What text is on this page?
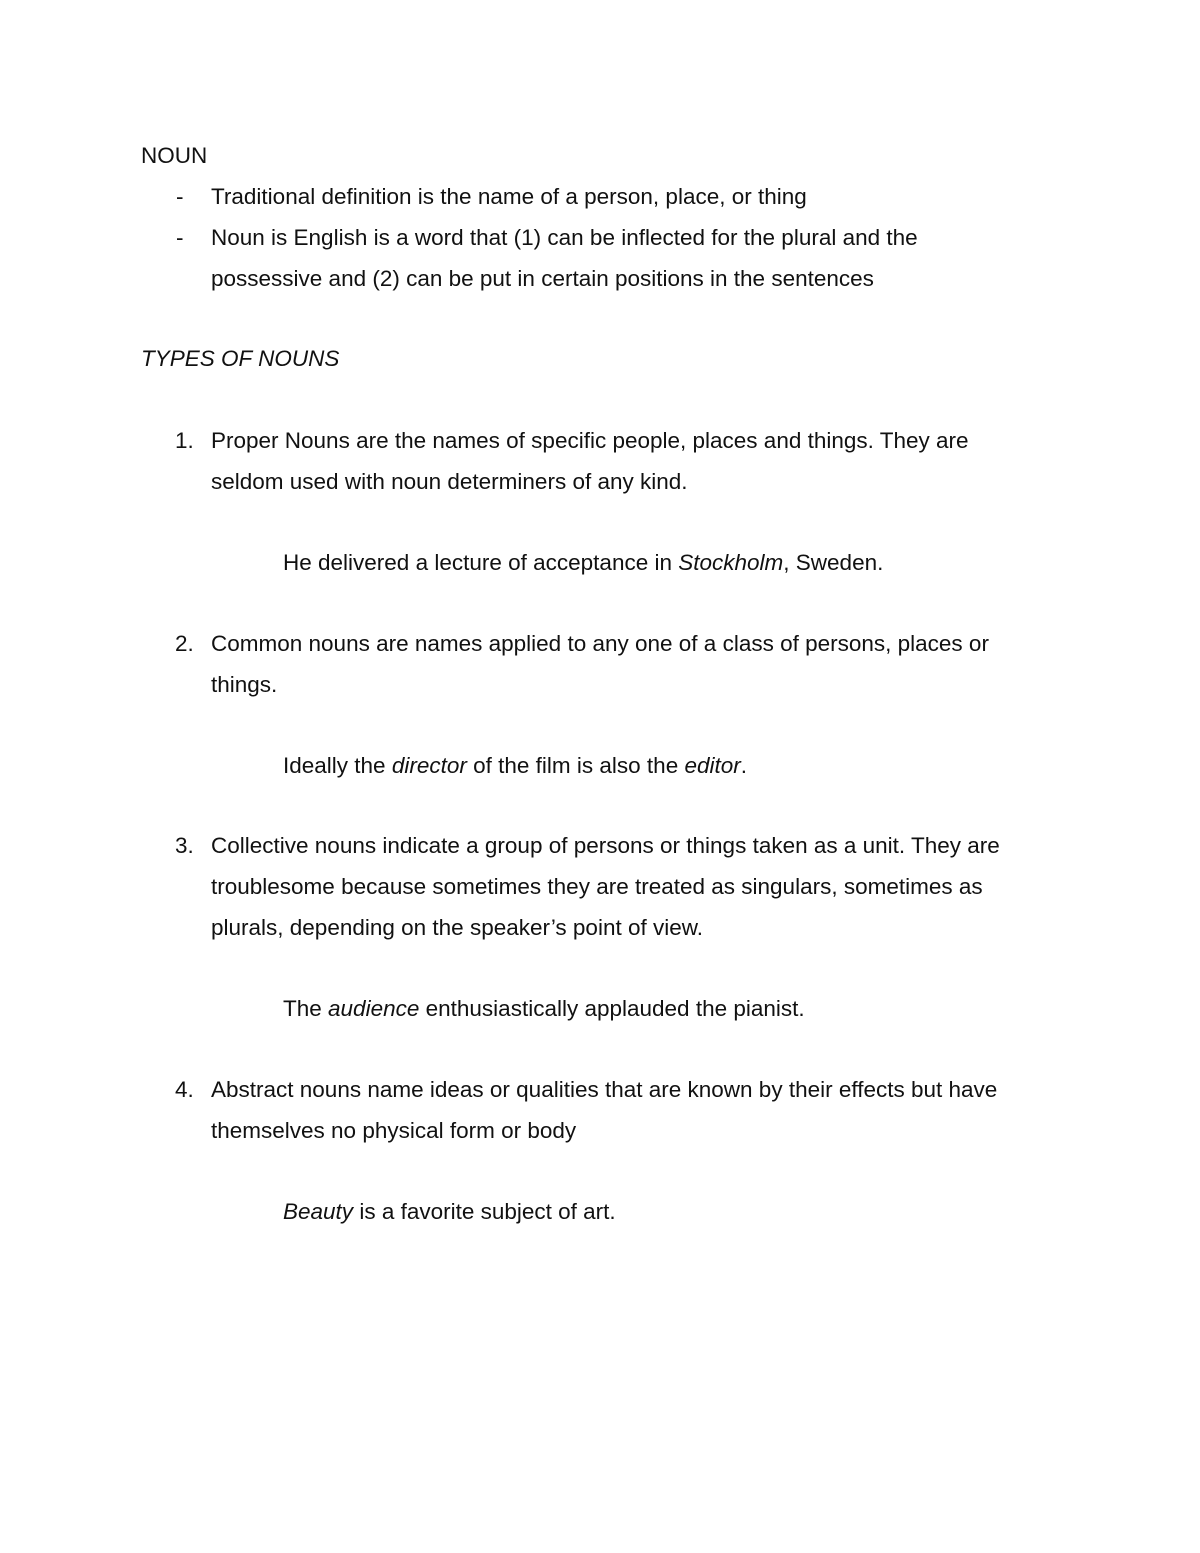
NOUN
- Traditional definition is the name of a person, place, or thing
- Noun is English is a word that (1) can be inflected for the plural and the
possessive and (2) can be put in certain positions in the sentences
TYPES OF NOUNS
1. Proper Nouns are the names of specific people, places and things. They are
seldom used with noun determiners of any kind.
He delivered a lecture of acceptance in Stockholm, Sweden.
2. Common nouns are names applied to any one of a class of persons, places or
things.
Ideally the director of the film is also the editor.
3. Collective nouns indicate a group of persons or things taken as a unit. They are
troublesome because sometimes they are treated as singulars, sometimes as
plurals, depending on the speaker’s point of view.
The audience enthusiastically applauded the pianist.
4. Abstract nouns name ideas or qualities that are known by their effects but have
themselves no physical form or body
Beauty is a favorite subject of art.
